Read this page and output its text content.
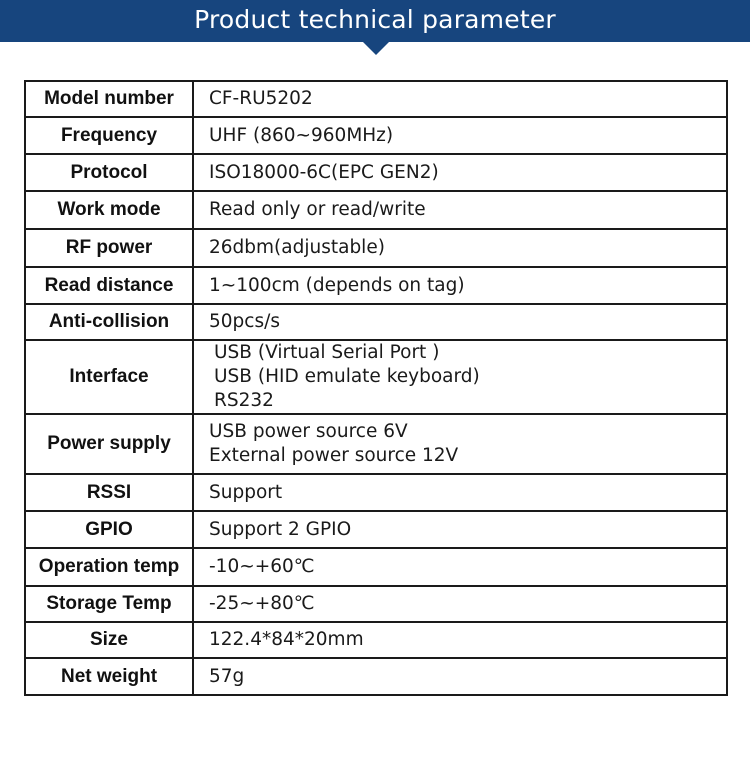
Product technical parameter
Model number	CF-RU5202

Frequency	UHF (860~960MHz)

Protocol	ISO18000-6C(EPC GEN2)

Work mode	Read only or read/write

RF power	26dbm(adjustable)

Read distance	1~100cm (depends on tag)

Anti-collision	50pcs/s

Interface	USB (Virtual Serial Port )
USB (HID emulate keyboard)
RS232

Power supply	USB power source 6V
External power source 12V

RSSI	Support

GPIO	Support 2 GPIO

Operation temp	-10~+60℃

Storage Temp	-25~+80℃

Size	122.4*84*20mm

Net weight	57g
